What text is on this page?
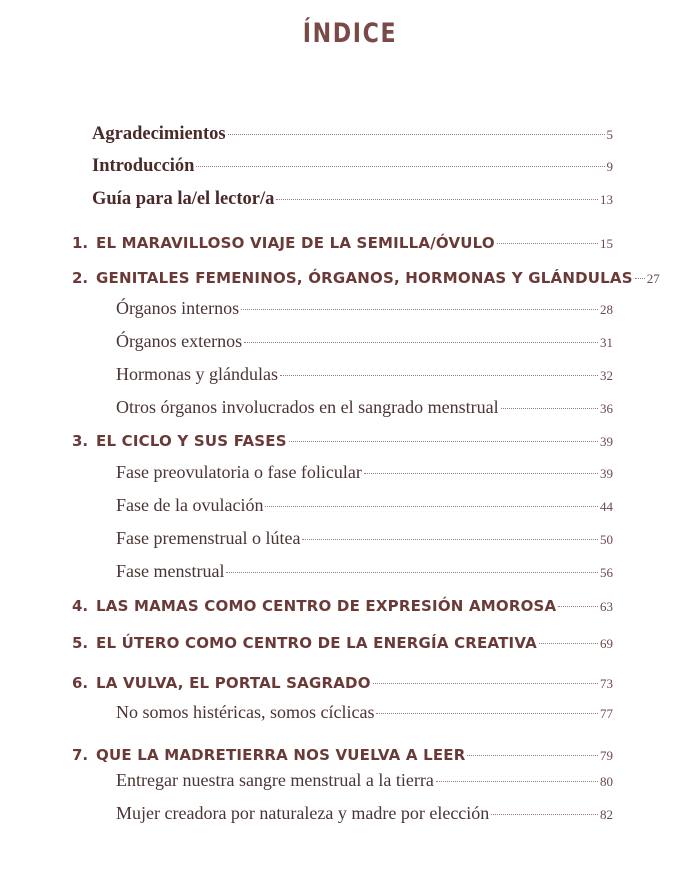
ÍNDICE
Agradecimientos	5
Introducción	9
Guía para la/el lector/a	13
1. EL MARAVILLOSO VIAJE DE LA SEMILLA/ÓVULO	15
2. GENITALES FEMENINOS, ÓRGANOS, HORMONAS Y GLÁNDULAS 27
Órganos internos	28
Órganos externos	31
Hormonas y glándulas	32
Otros órganos involucrados en el sangrado menstrual	36
3. EL CICLO Y SUS FASES	39
Fase preovulatoria o fase folicular	39
Fase de la ovulación	44
Fase premenstrual o lútea	50
Fase menstrual	56
4. LAS MAMAS COMO CENTRO DE EXPRESIÓN AMOROSA	63
5. EL ÚTERO COMO CENTRO DE LA ENERGÍA CREATIVA	69
6. LA VULVA, EL PORTAL SAGRADO	73
No somos histéricas, somos cíclicas	77
7. QUE LA MADRETIERRA NOS VUELVA A LEER	79
Entregar nuestra sangre menstrual a la tierra	80
Mujer creadora por naturaleza y madre por elección	82
